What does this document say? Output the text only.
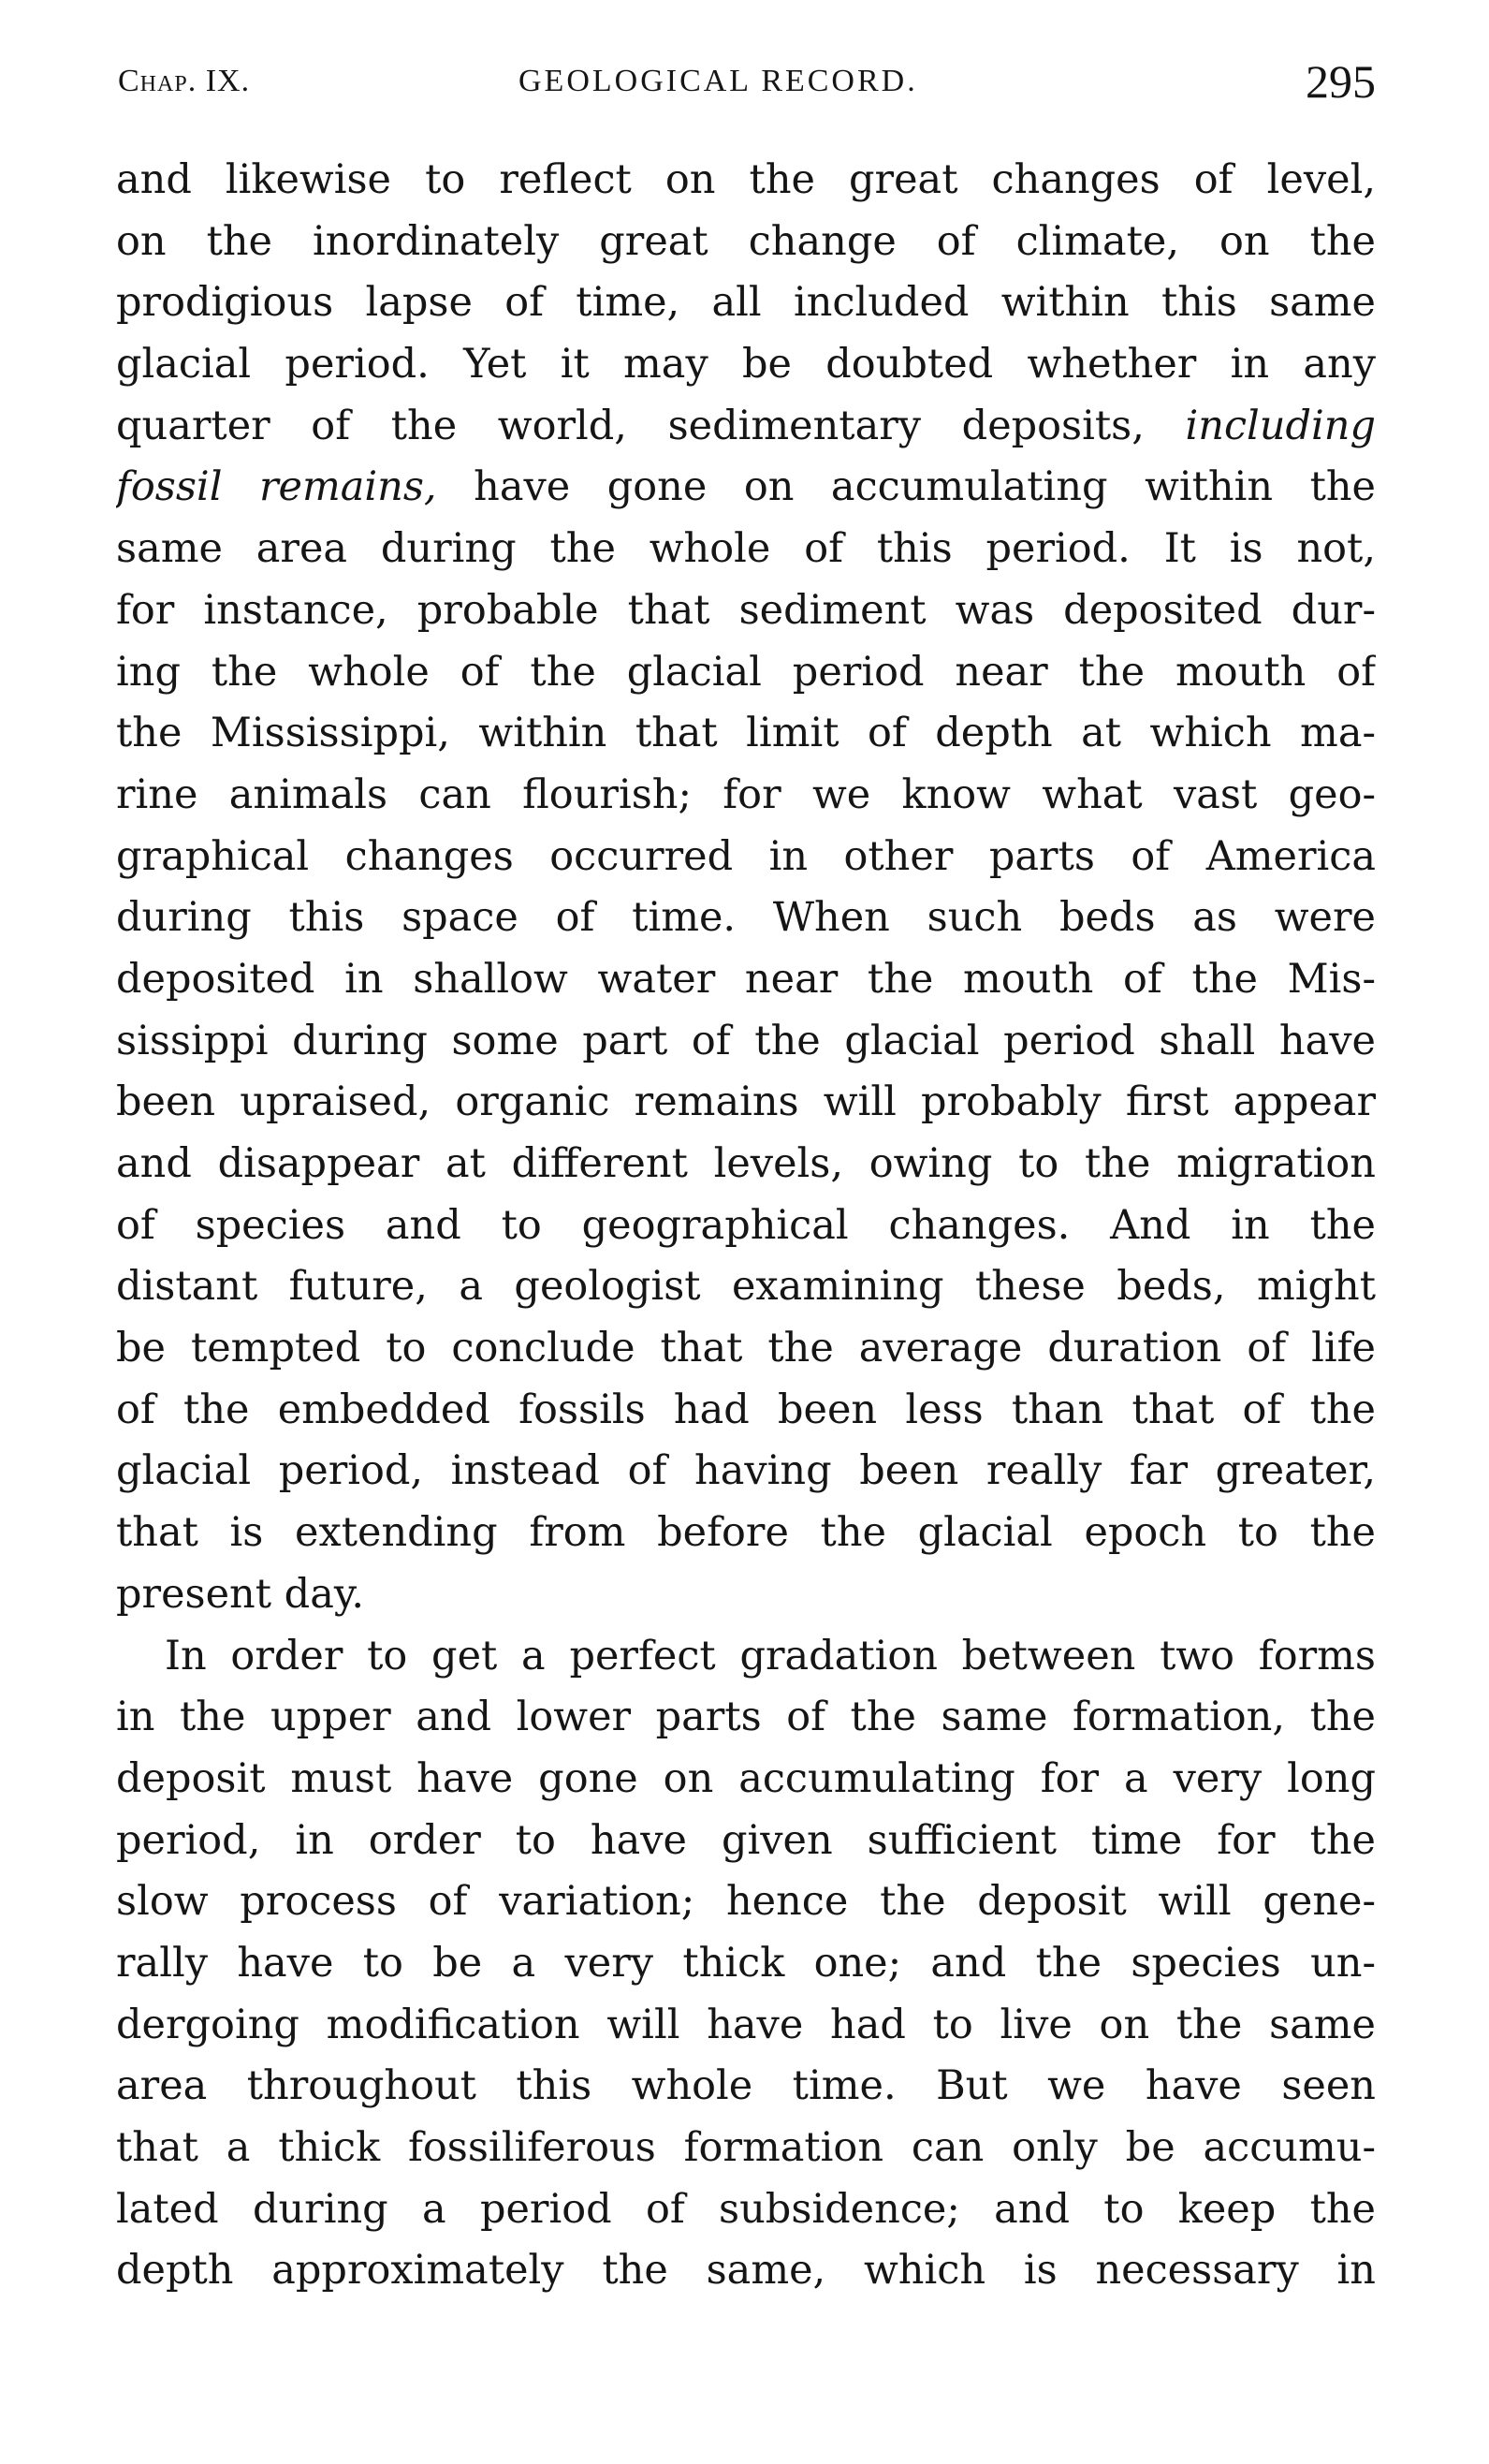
Chap. IX.	GEOLOGICAL RECORD.	295
and likewise to reflect on the great changes of level,
on the inordinately great change of climate, on the
prodigious lapse of time, all included within this same
glacial period. Yet it may be doubted whether in any
quarter of the world, sedimentary deposits, including
fossil remains, have gone on accumulating within the
same area during the whole of this period. It is not,
for instance, probable that sediment was deposited dur-
ing the whole of the glacial period near the mouth of
the Mississippi, within that limit of depth at which ma-
rine animals can flourish; for we know what vast geo-
graphical changes occurred in other parts of America
during this space of time. When such beds as were
deposited in shallow water near the mouth of the Mis-
sissippi during some part of the glacial period shall have
been upraised, organic remains will probably first appear
and disappear at different levels, owing to the migration
of species and to geographical changes. And in the
distant future, a geologist examining these beds, might
be tempted to conclude that the average duration of life
of the embedded fossils had been less than that of the
glacial period, instead of having been really far greater,
that is extending from before the glacial epoch to the
present day.
In order to get a perfect gradation between two forms
in the upper and lower parts of the same formation, the
deposit must have gone on accumulating for a very long
period, in order to have given sufficient time for the
slow process of variation; hence the deposit will gene-
rally have to be a very thick one; and the species un-
dergoing modification will have had to live on the same
area throughout this whole time. But we have seen
that a thick fossiliferous formation can only be accumu-
lated during a period of subsidence; and to keep the
depth approximately the same, which is necessary in
